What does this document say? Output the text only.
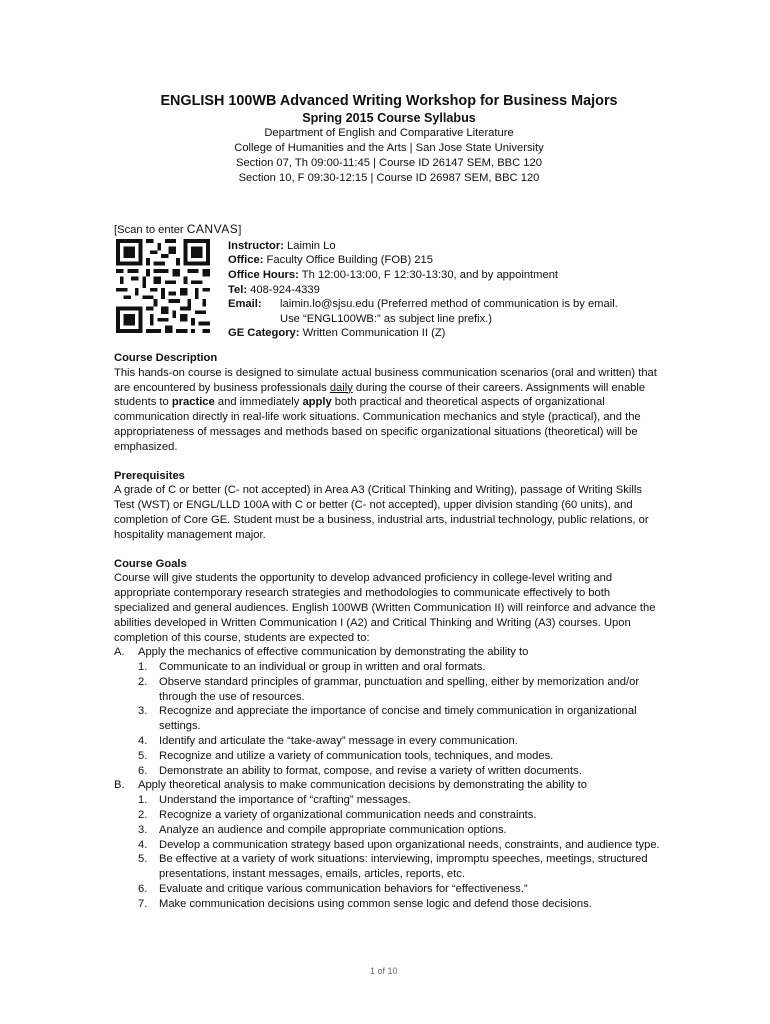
ENGLISH 100WB Advanced Writing Workshop for Business Majors
Spring 2015 Course Syllabus
Department of English and Comparative Literature
College of Humanities and the Arts | San Jose State University
Section 07, Th 09:00-11:45 | Course ID 26147 SEM, BBC 120
Section 10, F 09:30-12:15 | Course ID 26987 SEM, BBC 120
[Scan to enter CANVAS]
Instructor: Laimin Lo
Office: Faculty Office Building (FOB) 215
Office Hours: Th 12:00-13:00, F 12:30-13:30, and by appointment
Tel: 408-924-4339
Email:	laimin.lo@sjsu.edu (Preferred method of communication is by email.
Use “ENGL100WB:” as subject line prefix.)
GE Category: Written Communication II (Z)
Course Description

This hands-on course is designed to simulate actual business communication scenarios (oral and written) that are encountered by business professionals daily during the course of their careers. Assignments will enable students to practice and immediately apply both practical and theoretical aspects of organizational communication directly in real-life work situations. Communication mechanics and style (practical), and the appropriateness of messages and methods based on specific organizational situations (theoretical) will be emphasized.

Prerequisites

A grade of C or better (C- not accepted) in Area A3 (Critical Thinking and Writing), passage of Writing Skills Test (WST) or ENGL/LLD 100A with C or better (C- not accepted), upper division standing (60 units), and completion of Core GE. Student must be a business, industrial arts, industrial technology, public relations, or hospitality management major.

Course Goals

Course will give students the opportunity to develop advanced proficiency in college-level writing and appropriate contemporary research strategies and methodologies to communicate effectively to both specialized and general audiences. English 100WB (Written Communication II) will reinforce and advance the abilities developed in Written Communication I (A2) and Critical Thinking and Writing (A3) courses. Upon completion of this course, students are expected to:

A.	Apply the mechanics of effective communication by demonstrating the ability to
1.	Communicate to an individual or group in written and oral formats.
2.	Observe standard principles of grammar, punctuation and spelling, either by memorization and/or through the use of resources.
3.	Recognize and appreciate the importance of concise and timely communication in organizational settings.
4.	Identify and articulate the “take-away” message in every communication.
5.	Recognize and utilize a variety of communication tools, techniques, and modes.
6.	Demonstrate an ability to format, compose, and revise a variety of written documents.
B.	Apply theoretical analysis to make communication decisions by demonstrating the ability to
1.	Understand the importance of “crafting” messages.
2.	Recognize a variety of organizational communication needs and constraints.
3.	Analyze an audience and compile appropriate communication options.
4.	Develop a communication strategy based upon organizational needs, constraints, and audience type.
5.	Be effective at a variety of work situations: interviewing, impromptu speeches, meetings, structured presentations, instant messages, emails, articles, reports, etc.
6.	Evaluate and critique various communication behaviors for “effectiveness.”
7.	Make communication decisions using common sense logic and defend those decisions.
1 of 10
